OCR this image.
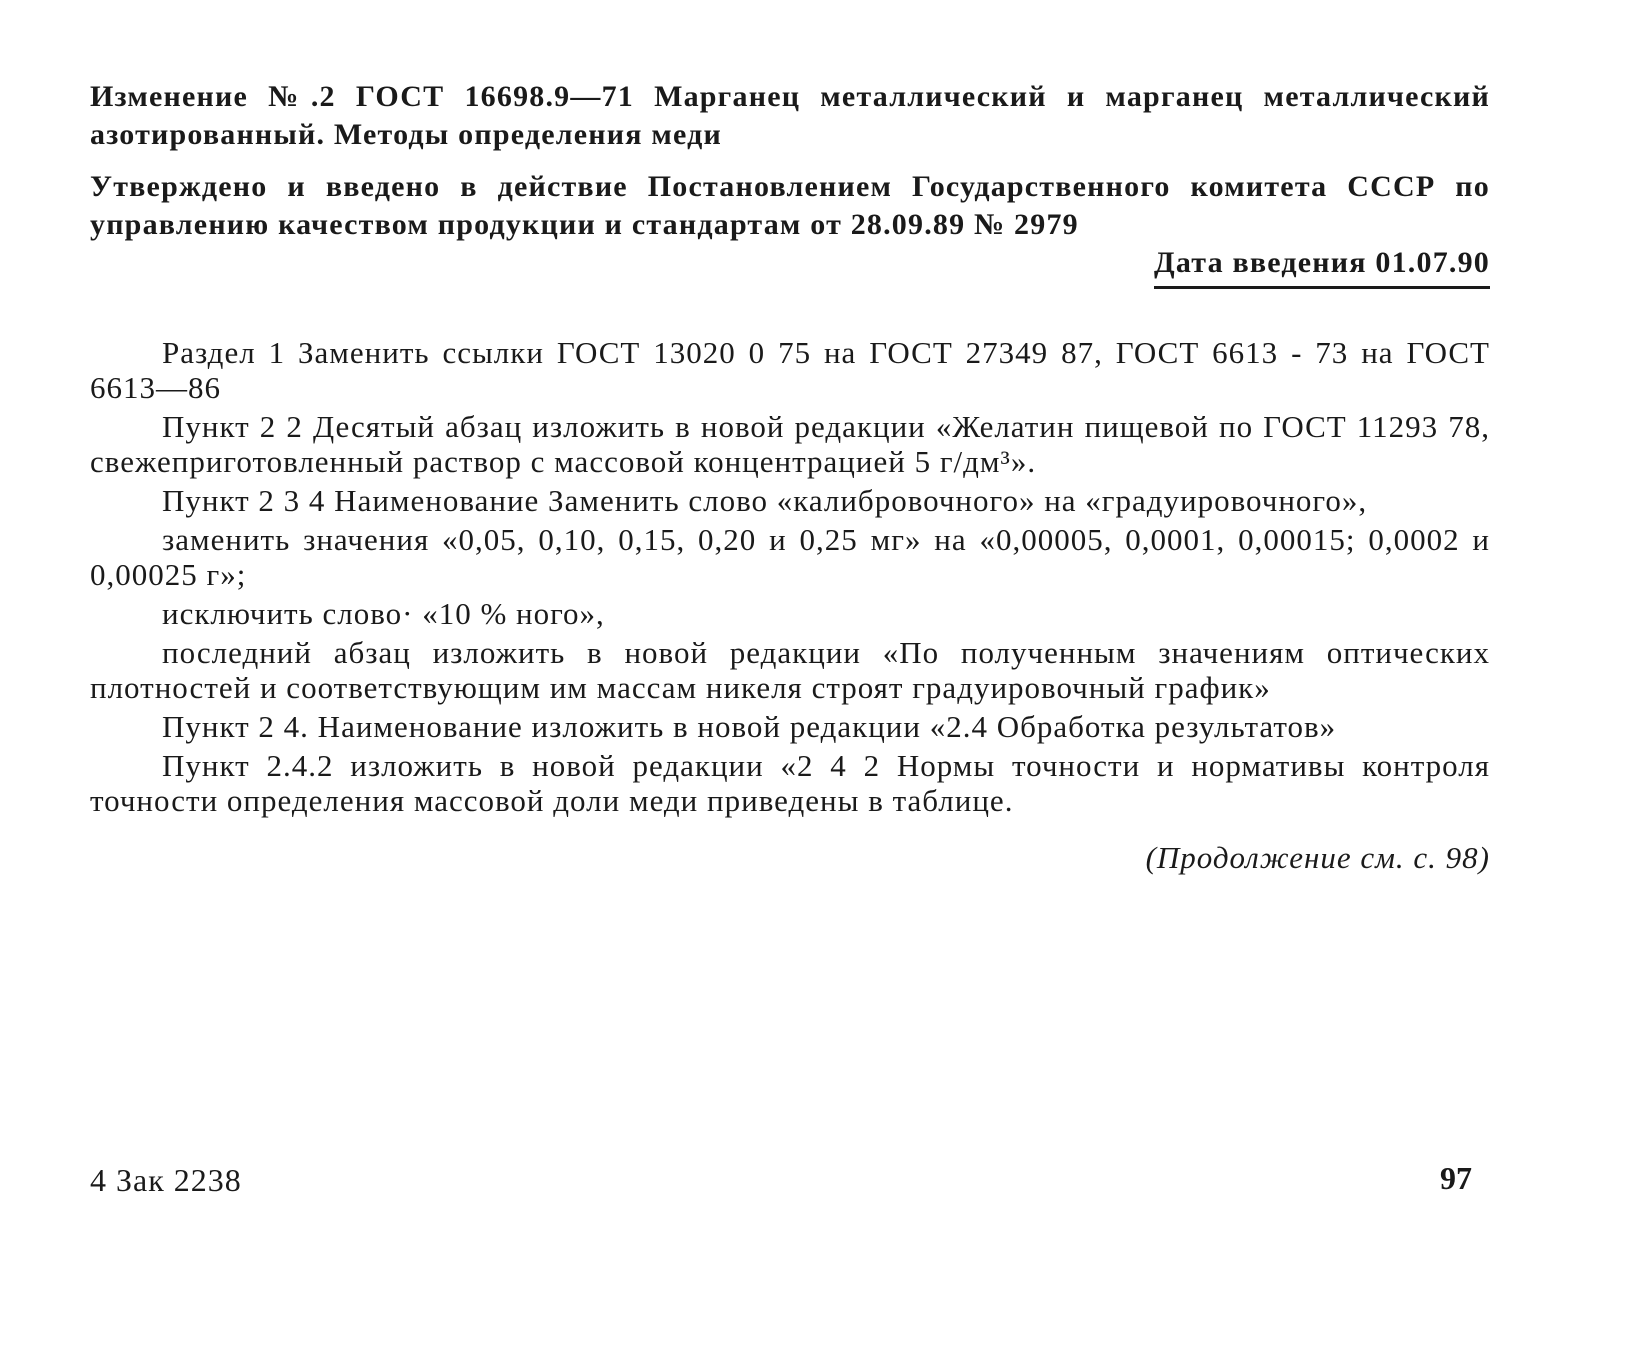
Изменение №.2 ГОСТ 16698.9—71 Марганец металлический и марганец металлический азотированный. Методы определения меди

Утверждено и введено в действие Постановлением Государственного комитета СССР по управлению качеством продукции и стандартам от 28.09.89 № 2979

Дата введения 01.07.90

Раздел 1 Заменить ссылки ГОСТ 13020 0 75 на ГОСТ 27349 87, ГОСТ 6613 - 73 на ГОСТ 6613—86

Пункт 2 2 Десятый абзац изложить в новой редакции «Желатин пищевой по ГОСТ 11293 78, свежеприготовленный раствор с массовой концентрацией 5 г/дм³».

Пункт 2 3 4 Наименование Заменить слово «калибровочного» на «градуировочного»,

заменить значения «0,05, 0,10, 0,15, 0,20 и 0,25 мг» на «0,00005, 0,0001, 0,00015; 0,0002 и 0,00025 г»;

исключить слово· «10 % ного»,

последний абзац изложить в новой редакции «По полученным значениям оптических плотностей и соответствующим им массам никеля строят градуировочный график»

Пункт 2 4. Наименование изложить в новой редакции «2.4 Обработка результатов»

Пункт 2.4.2 изложить в новой редакции «2 4 2 Нормы точности и нормативы контроля точности определения массовой доли меди приведены в таблице.

(Продолжение см. с. 98)
4 Зак 2238	97
